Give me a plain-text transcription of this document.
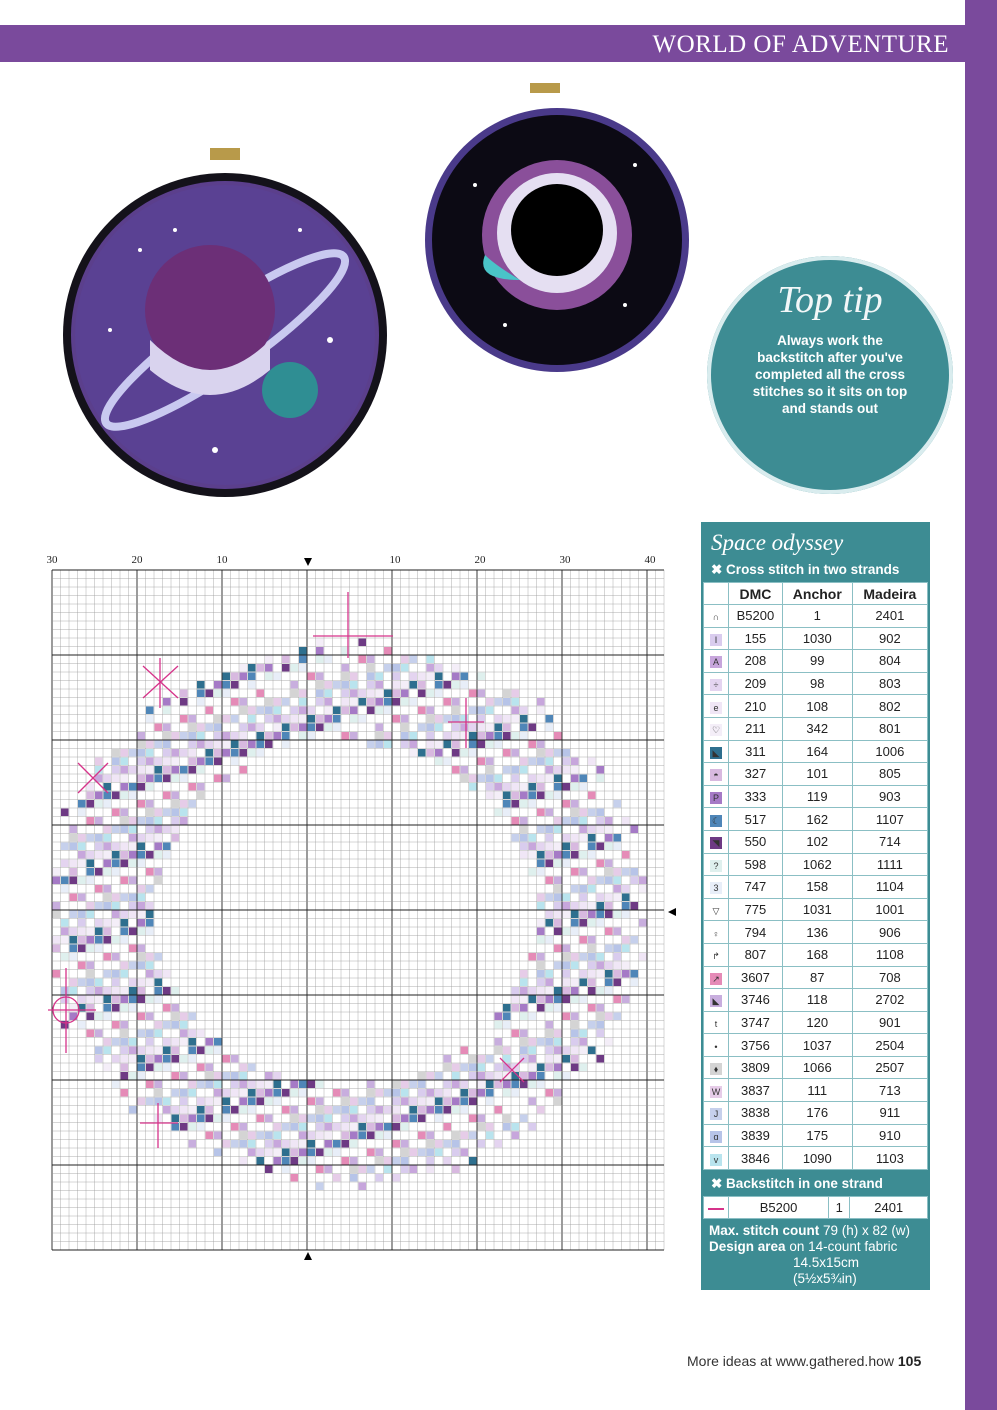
WORLD OF ADVENTURE
Top tip
Always work the backstitch after you've completed all the cross stitches so it sits on top and stands out
30	20	10	10	20	30	40
Space odyssey
✖ Cross stitch in two strands
	DMC	Anchor	Madeira
∩	B5200	1	2401
I	155	1030	902
A	208	99	804
÷	209	98	803
e	210	108	802
♡	211	342	801
◣	311	164	1006
◓	327	101	805
P	333	119	903
☾	517	162	1107
◥	550	102	714
?	598	1062	1111
3	747	158	1104
▽	775	1031	1001
♀	794	136	906
↱	807	168	1108
↗	3607	87	708
◣	3746	118	2702
t	3747	120	901
•	3756	1037	2504
⬧	3809	1066	2507
W	3837	111	713
J	3838	176	911
ɑ	3839	175	910
v	3846	1090	1103
✖ Backstitch in one strand
	B5200	1	2401
Max. stitch count 79 (h) x 82 (w)
Design area on 14-count fabric
14.5x15cm
(5½x5¾in)
More ideas at www.gathered.how 105
